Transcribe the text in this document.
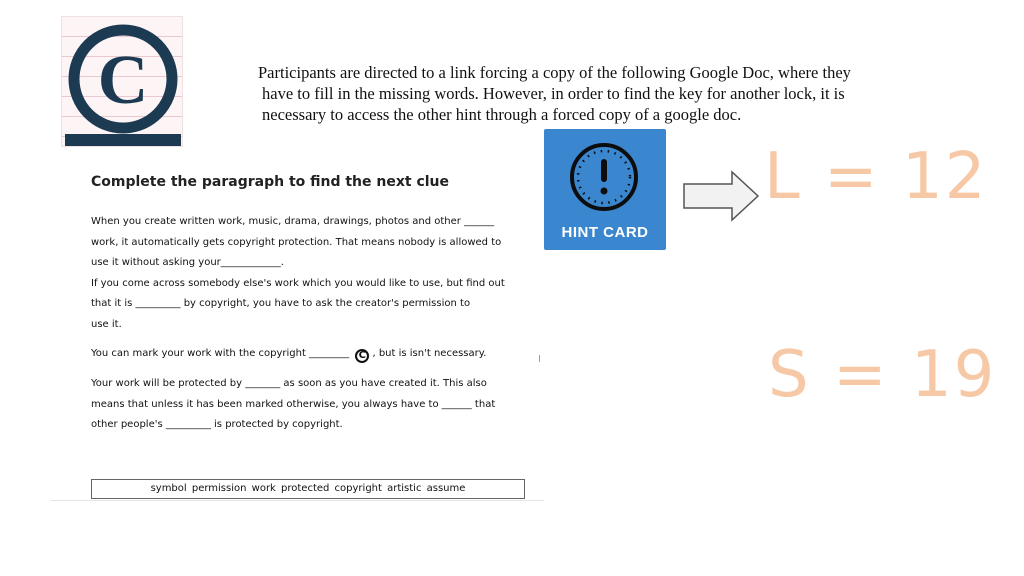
C	Participants are directed to a link forcing a copy of the following Google Doc, where they
have to fill in the missing words. However, in order to find the key for another lock, it is
necessary to access the other hint through a forced copy of a google doc.
Complete the paragraph to find the next clue
When you create written work, music, drama, drawings, photos and other ______
work, it automatically gets copyright protection. That means nobody is allowed to
use it without asking your____________.
If you come across somebody else's work which you would like to use, but find out
that it is _________ by copyright, you have to ask the creator's permission to
use it.
You can mark your work with the copyright ________ C , but is isn't necessary.
I
Your work will be protected by _______ as soon as you have created it. This also
means that unless it has been marked otherwise, you always have to ______ that
other people's _________ is protected by copyright.
symbol permission work protected copyright artistic assume
HINT CARD
L = 12
S = 19
